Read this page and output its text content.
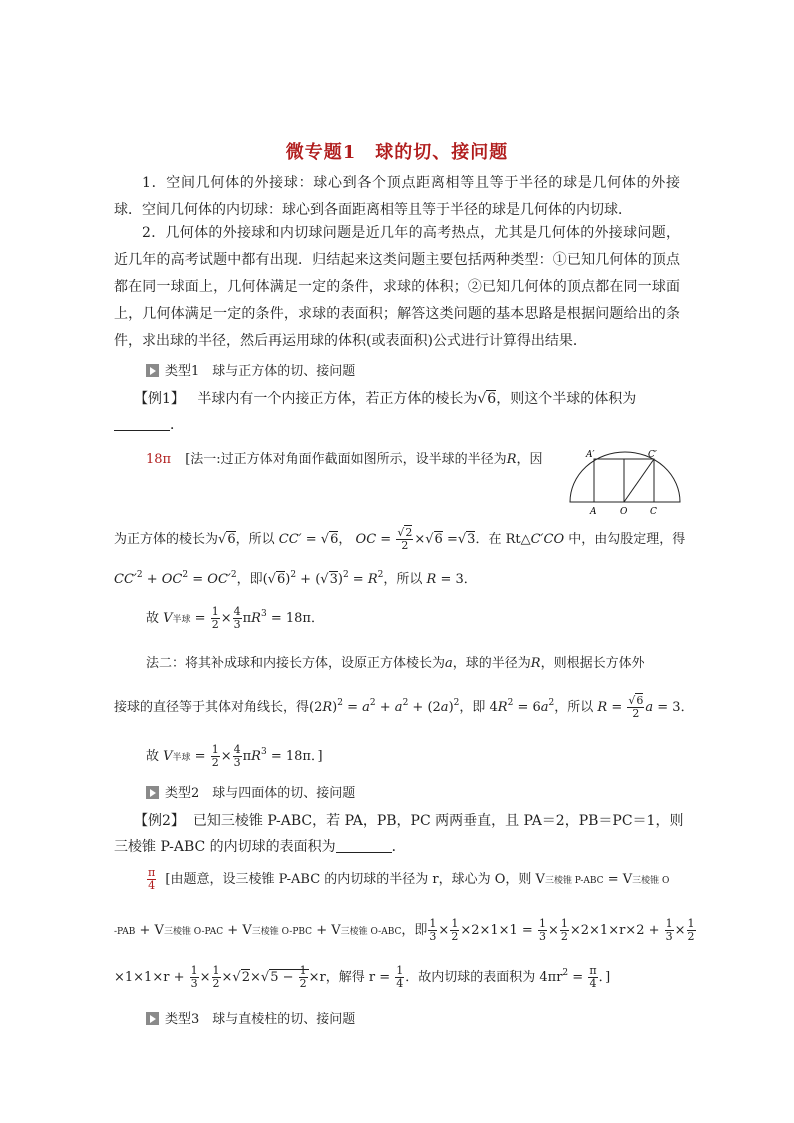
微专题1　球的切、接问题
1．空间几何体的外接球：球心到各个顶点距离相等且等于半径的球是几何体的外接球．空间几何体的内切球：球心到各面距离相等且等于半径的球是几何体的内切球．
2．几何体的外接球和内切球问题是近几年的高考热点，尤其是几何体的外接球问题，近几年的高考试题中都有出现．归结起来这类问题主要包括两种类型：①已知几何体的顶点都在同一球面上，几何体满足一定的条件，求球的体积；②已知几何体的顶点都在同一球面上，几何体满足一定的条件，求球的表面积；解答这类问题的基本思路是根据问题给出的条件，求出球的半径，然后再运用球的体积(或表面积)公式进行计算得出结果．
类型1　球与正方体的切、接问题
【例1】 半球内有一个内接正方体，若正方体的棱长为 √ 6，则这个半球的体积为
．
18π [法一:过正方体对角面作截面如图所示，设半球的半径为R，因	A′	C′
A	O	C
为正方体的棱长为 √ 6，所以 CC′ = √ 6， OC = √ $\frac{2}{2}$ × √ 6 = √ 3．在 Rt△C′CO 中，由勾股定理，得
$CC'^2 + OC^2 = OC'^2$，即( √ 6)$^2$ + ( √ $3)^2 = R^2$，所以 R = 3．
故 V半球 = $\frac{1}{2} \times \frac{4}{3} \pi R^3 = 18\pi$．
法二：将其补成球和内接长方体，设原正方体棱长为a，球的半径为R，则根据长方体外
接球的直径等于其体对角线长，得$(2R)^2 = a^2 + a^2 + (2a)^2$，即 $4R^2 = 6a^2$，所以 R = √ $\frac{6}{2}$ a = 3．
故 V半球 = $\frac{1}{2} \times \frac{4}{3} \pi R^3 = 18\pi$．]
类型2　球与四面体的切、接问题
【例2】 已知三棱锥 P-ABC，若 PA，PB，PC 两两垂直，且 PA＝2，PB＝PC＝1，则
三棱锥 P-ABC 的内切球的表面积为	．
$\frac{\pi}{4}$ [由题意，设三棱锥 P-ABC 的内切球的半径为 r，球心为 O，则 V三棱锥 P-ABC = V三棱锥 O
-PAB + V三棱锥 O-PAC + V三棱锥 O-PBC + V三棱锥 O-ABC，即 $\frac{1}{3} \times \frac{1}{2} \times 2\times 1\times 1 = \frac{1}{3} \times \frac{1}{2} \times 2\times 1\times r\times 2 + \frac{1}{3} \times \frac{1}{2}$
$\times 1\times 1\times r + \frac{1}{3} \times \frac{1}{2}$ × √ 2× √ $5 - \frac{1}{2} \times r$，解得 $r = \frac{1}{4}$ ．故内切球的表面积为 $4\pi r^2 = \frac{\pi}{4}$ ．]
类型3　球与直棱柱的切、接问题
